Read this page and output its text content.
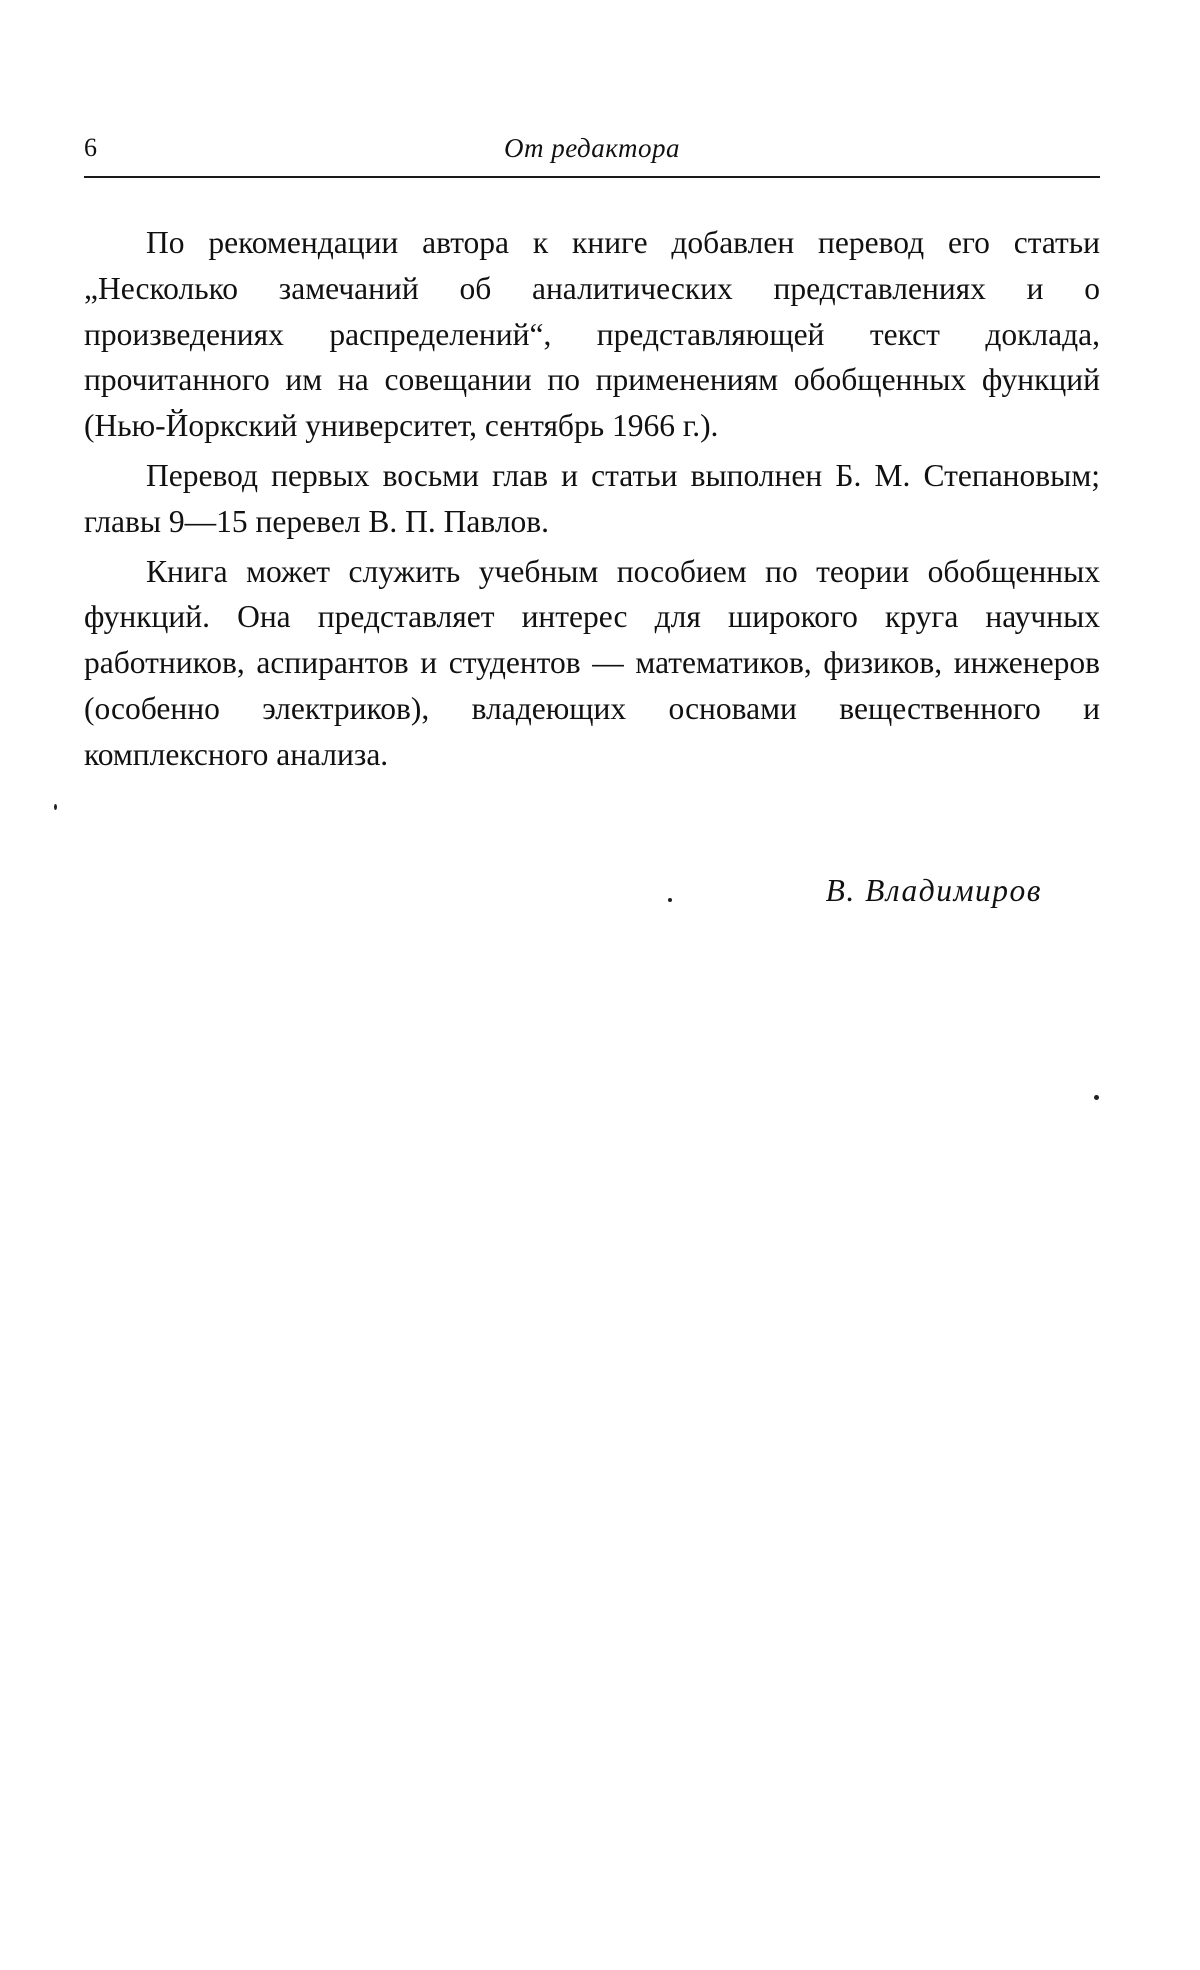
6	От редактора

По рекомендации автора к книге добавлен перевод его статьи „Несколько замечаний об аналитических представлениях и о произведениях распределений“, представляющей текст доклада, прочитанного им на совещании по применениям обобщенных функций (Нью-Йоркский университет, сентябрь 1966 г.).

Перевод первых восьми глав и статьи выполнен Б. М. Степановым; главы 9—15 перевел В. П. Павлов.

Книга может служить учебным пособием по теории обобщенных функций. Она представляет интерес для широкого круга научных работников, аспирантов и студентов — математиков, физиков, инженеров (особенно электриков), владеющих основами вещественного и комплексного анализа.

В. Владимиров
